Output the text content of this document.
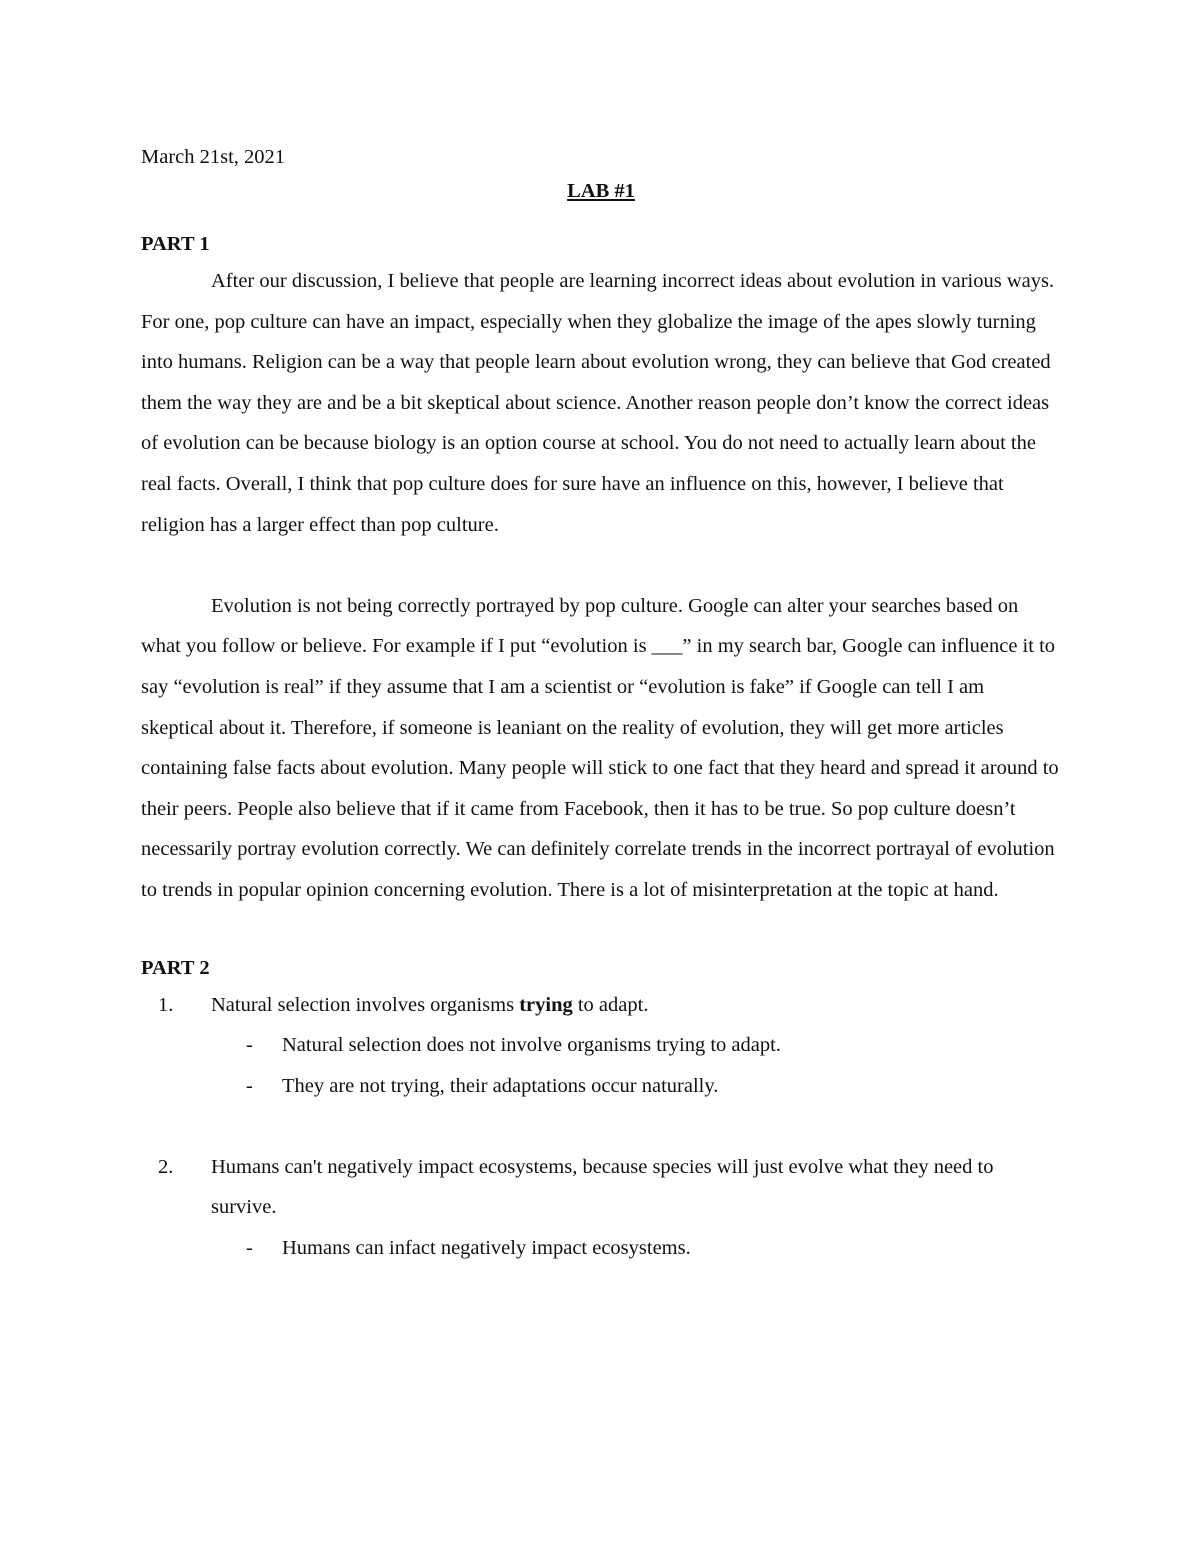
March 21st, 2021

LAB #1

PART 1

After our discussion, I believe that people are learning incorrect ideas about evolution in various ways. For one, pop culture can have an impact, especially when they globalize the image of the apes slowly turning into humans. Religion can be a way that people learn about evolution wrong, they can believe that God created them the way they are and be a bit skeptical about science. Another reason people don’t know the correct ideas of evolution can be because biology is an option course at school. You do not need to actually learn about the real facts. Overall, I think that pop culture does for sure have an influence on this, however, I believe that religion has a larger effect than pop culture.

Evolution is not being correctly portrayed by pop culture. Google can alter your searches based on what you follow or believe. For example if I put “evolution is ___” in my search bar, Google can influence it to say “evolution is real” if they assume that I am a scientist or “evolution is fake” if Google can tell I am skeptical about it. Therefore, if someone is leaniant on the reality of evolution, they will get more articles containing false facts about evolution. Many people will stick to one fact that they heard and spread it around to their peers. People also believe that if it came from Facebook, then it has to be true. So pop culture doesn’t necessarily portray evolution correctly. We can definitely correlate trends in the incorrect portrayal of evolution to trends in popular opinion concerning evolution. There is a lot of misinterpretation at the topic at hand.

PART 2

1. Natural selection involves organisms trying to adapt.
- Natural selection does not involve organisms trying to adapt.
- They are not trying, their adaptations occur naturally.
2. Humans can't negatively impact ecosystems, because species will just evolve what they need to survive.
- Humans can infact negatively impact ecosystems.
